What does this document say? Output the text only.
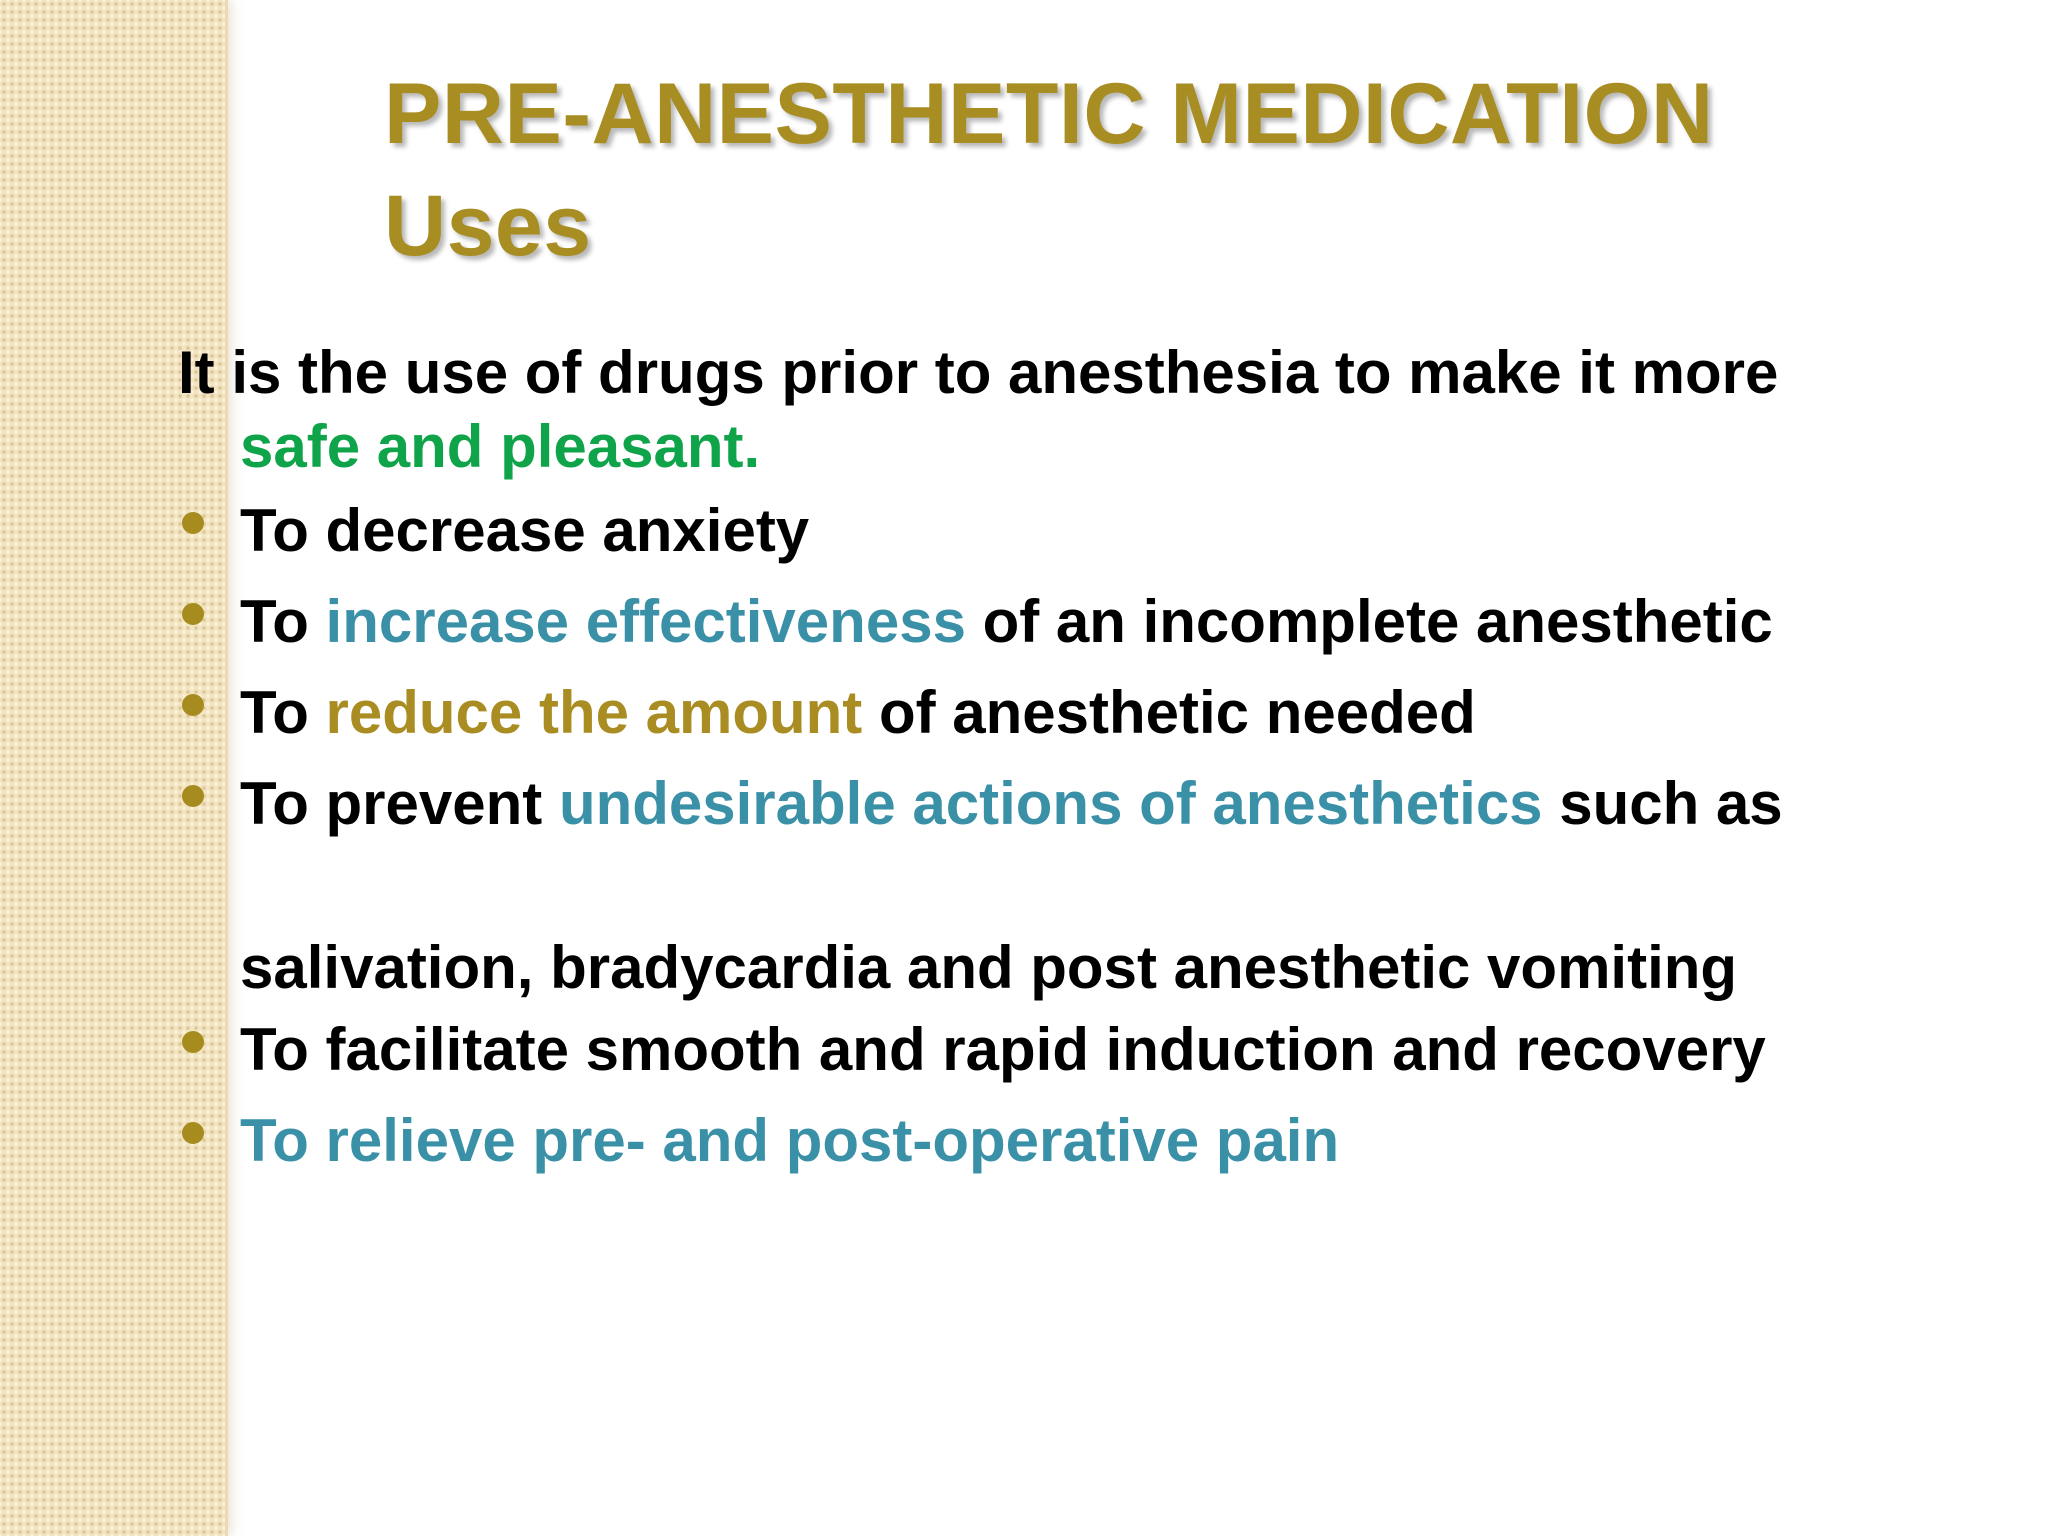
PRE-ANESTHETIC MEDICATION
Uses

It is the use of drugs prior to anesthesia to make it more
safe and pleasant.

To decrease anxiety
To increase effectiveness of an incomplete anesthetic
To reduce the amount of anesthetic needed
To prevent undesirable actions of anesthetics such as
salivation, bradycardia and post anesthetic vomiting
To facilitate smooth and rapid induction and recovery
To relieve pre- and post-operative pain
